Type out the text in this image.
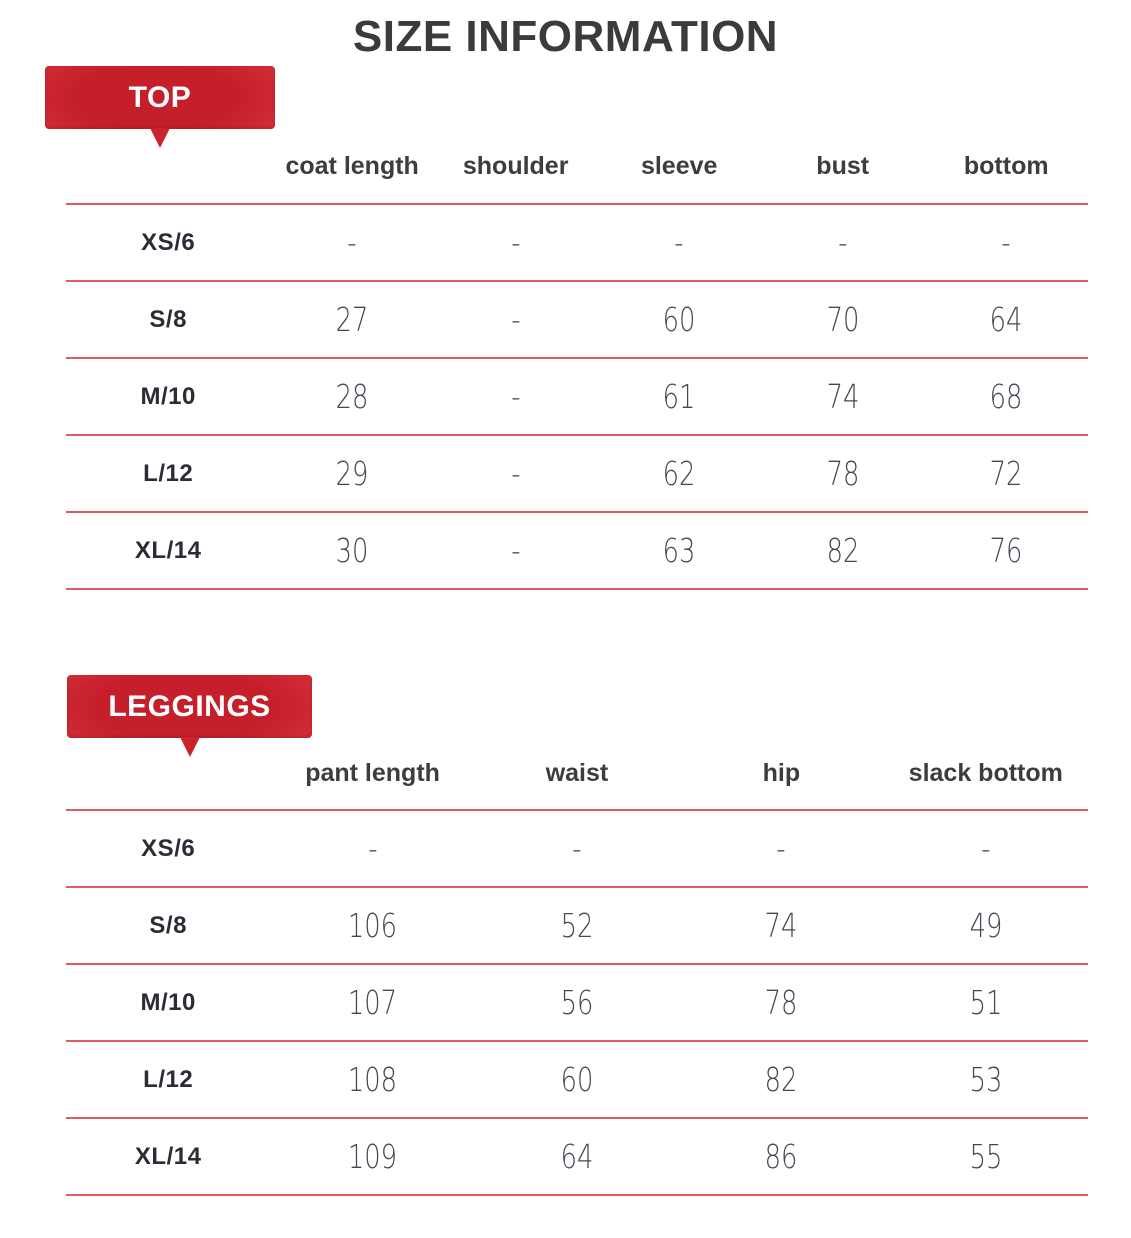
SIZE INFORMATION
TOP
	coat length	shoulder	sleeve	bust	bottom
XS/6	-	-	-	-	-
S/8	27	-	60	70	64
M/10	28	-	61	74	68
L/12	29	-	62	78	72
XL/14	30	-	63	82	76
LEGGINGS
	pant length	waist	hip	slack bottom
XS/6	-	-	-	-
S/8	106	52	74	49
M/10	107	56	78	51
L/12	108	60	82	53
XL/14	109	64	86	55
